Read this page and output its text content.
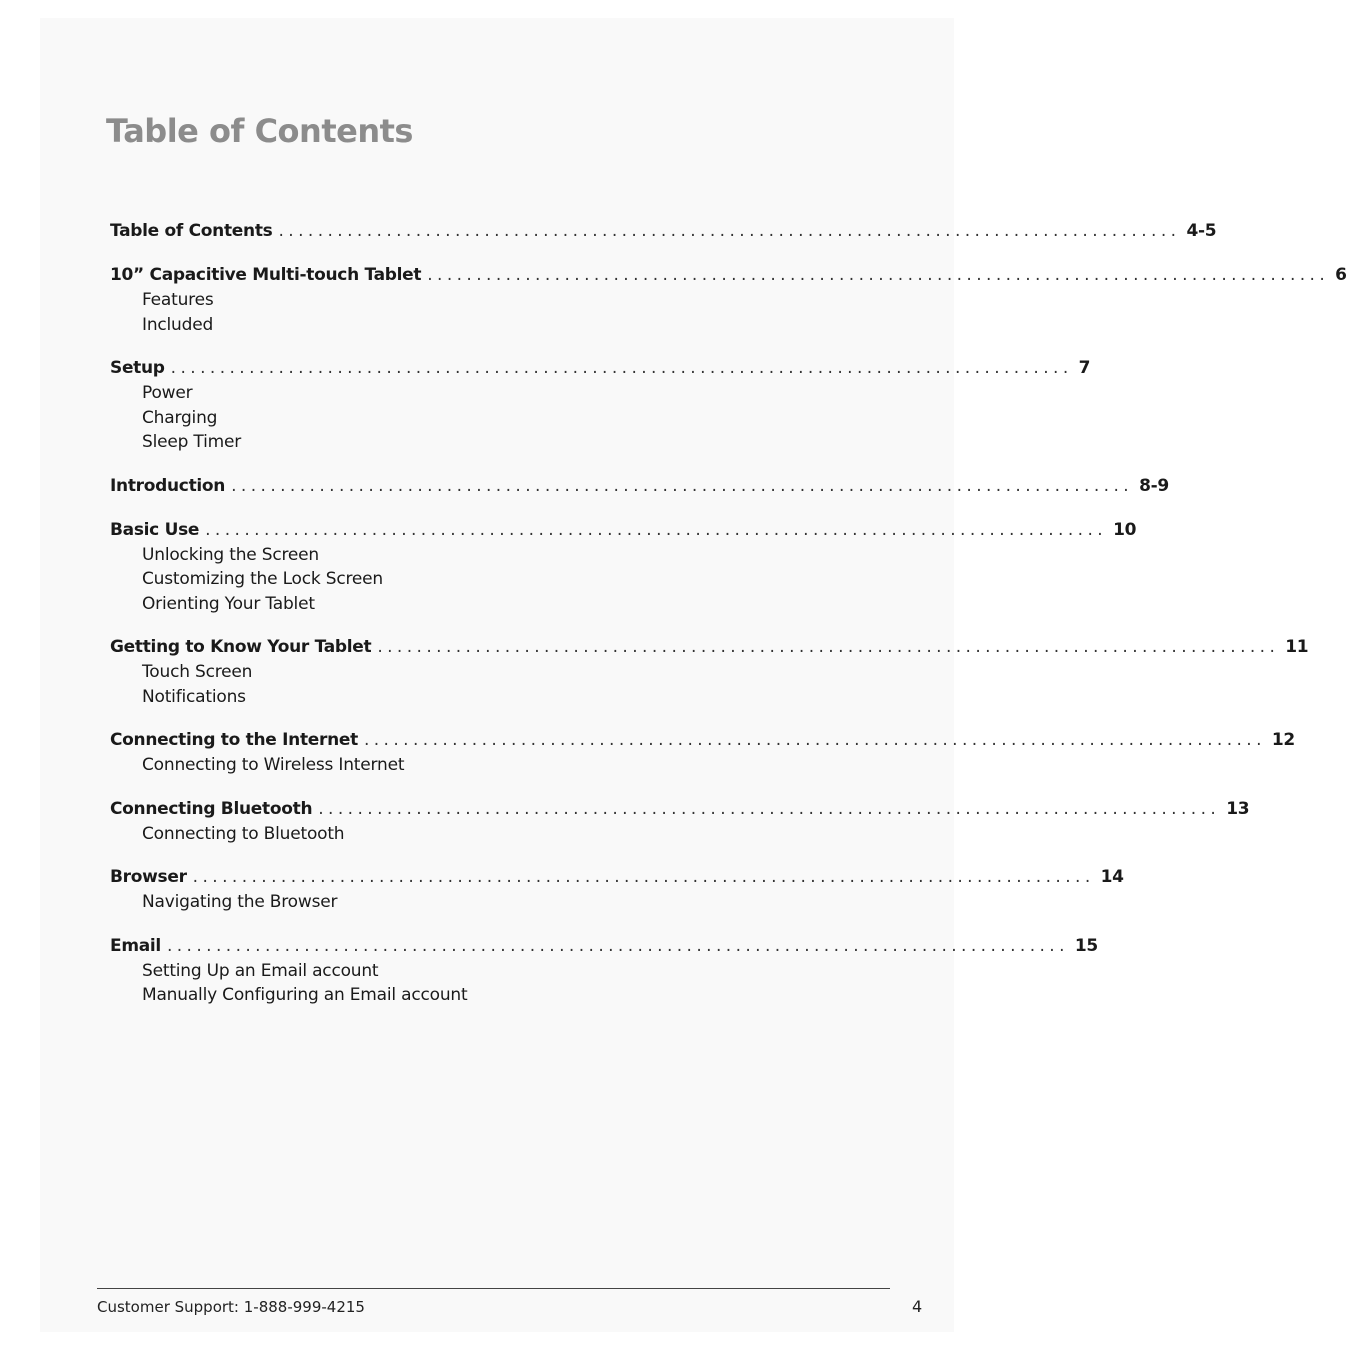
Table of Contents
Table of Contents ............................................................................................ 4-5
10” Capacitive Multi-touch Tablet ............................................................................................ 6
Features
Included
Setup ............................................................................................ 7
Power
Charging
Sleep Timer
Introduction ............................................................................................ 8-9
Basic Use ............................................................................................ 10
Unlocking the Screen
Customizing the Lock Screen
Orienting Your Tablet
Getting to Know Your Tablet ............................................................................................ 11
Touch Screen
Notifications
Connecting to the Internet ............................................................................................ 12
Connecting to Wireless Internet
Connecting Bluetooth ............................................................................................ 13
Connecting to Bluetooth
Browser ............................................................................................ 14
Navigating the Browser
Email ............................................................................................ 15
Setting Up an Email account
Manually Configuring an Email account
Customer Support: 1-888-999-4215	4
